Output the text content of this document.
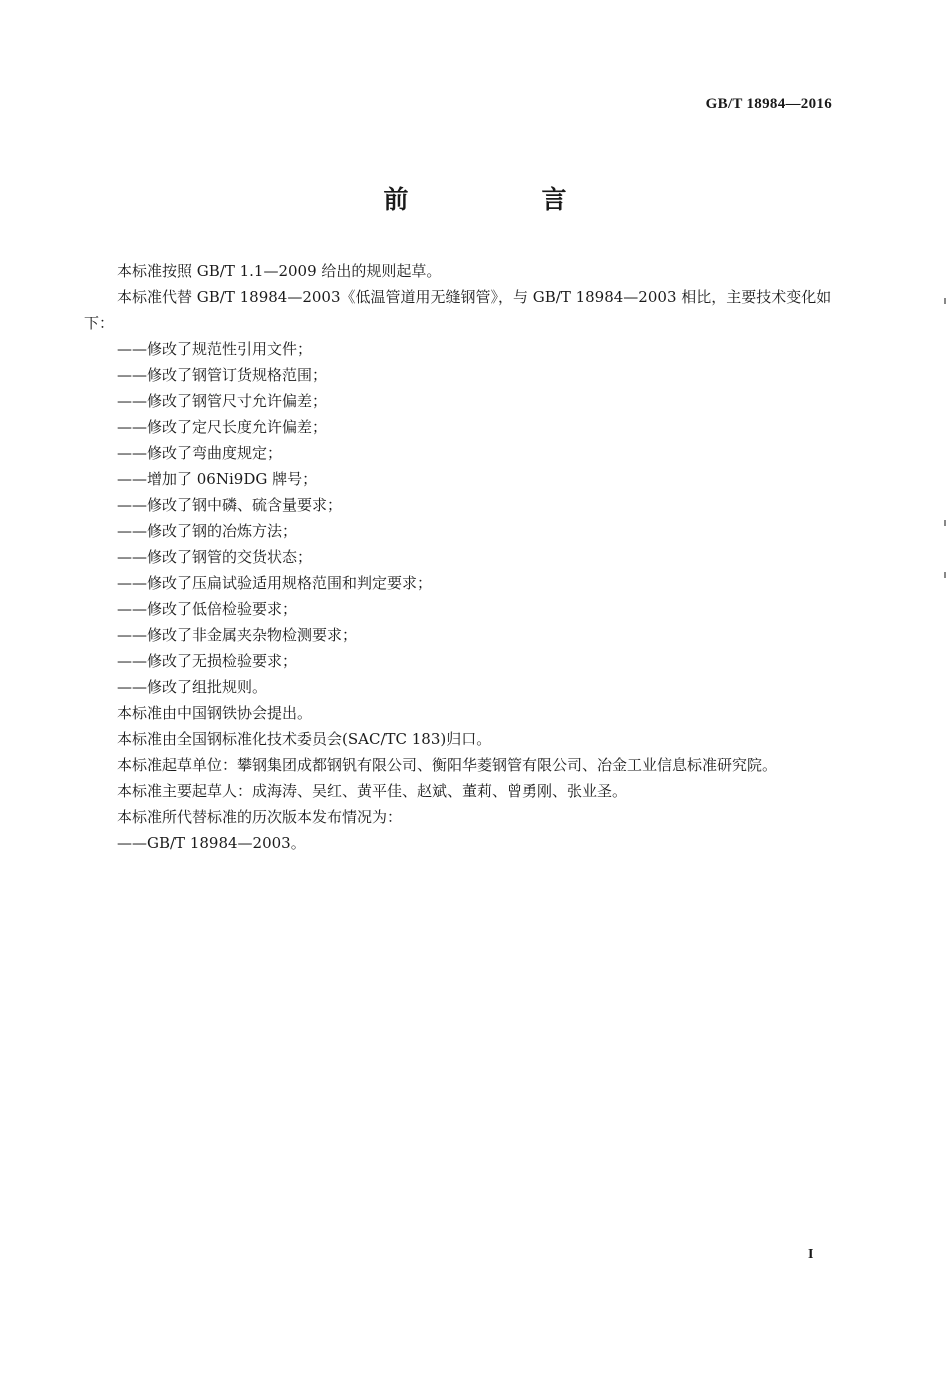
GB/T 18984—2016
前　言

本标准按照 GB/T 1.1—2009 给出的规则起草。

本标准代替 GB/T 18984—2003《低温管道用无缝钢管》，与 GB/T 18984—2003 相比，主要技术变化如下：

——修改了规范性引用文件；

——修改了钢管订货规格范围；

——修改了钢管尺寸允许偏差；

——修改了定尺长度允许偏差；

——修改了弯曲度规定；

——增加了 06Ni9DG 牌号；

——修改了钢中磷、硫含量要求；

——修改了钢的冶炼方法；

——修改了钢管的交货状态；

——修改了压扁试验适用规格范围和判定要求；

——修改了低倍检验要求；

——修改了非金属夹杂物检测要求；

——修改了无损检验要求；

——修改了组批规则。

本标准由中国钢铁协会提出。

本标准由全国钢标准化技术委员会(SAC/TC 183)归口。

本标准起草单位：攀钢集团成都钢钒有限公司、衡阳华菱钢管有限公司、冶金工业信息标准研究院。

本标准主要起草人：成海涛、吴红、黄平佳、赵斌、董莉、曾勇刚、张业圣。

本标准所代替标准的历次版本发布情况为：

——GB/T 18984—2003。

I
